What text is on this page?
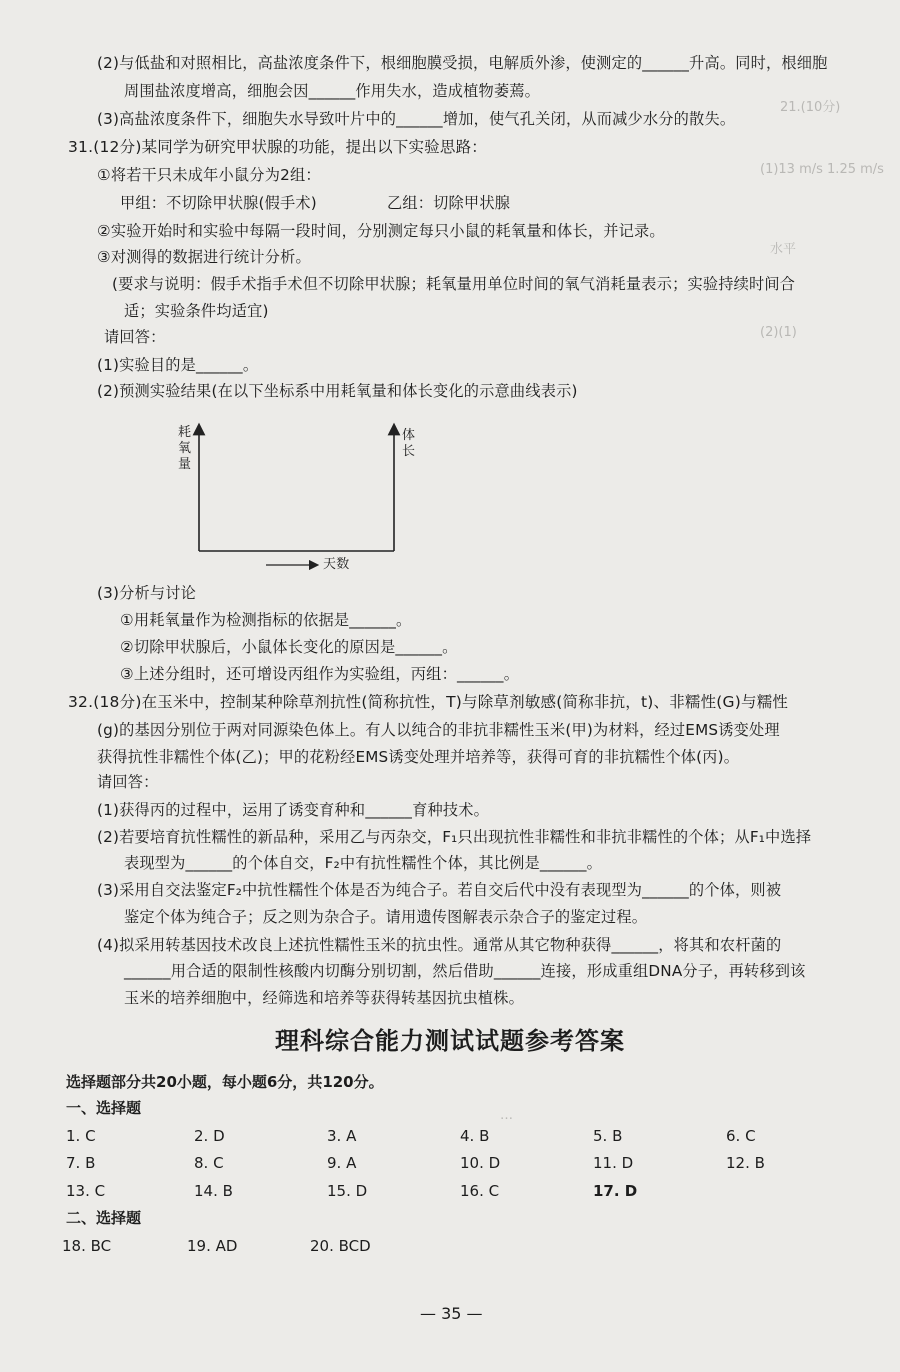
21.(10分)
(1)13 m/s 1.25 m/s
水平
(2)(1)
…
(2)与低盐和对照相比，高盐浓度条件下，根细胞膜受损，电解质外渗，使测定的______升高。同时，根细胞
周围盐浓度增高，细胞会因______作用失水，造成植物萎蔫。
(3)高盐浓度条件下，细胞失水导致叶片中的______增加，使气孔关闭，从而减少水分的散失。
31.(12分)某同学为研究甲状腺的功能，提出以下实验思路：
①将若干只未成年小鼠分为2组：
甲组：不切除甲状腺(假手术)	乙组：切除甲状腺
②实验开始时和实验中每隔一段时间，分别测定每只小鼠的耗氧量和体长，并记录。
③对测得的数据进行统计分析。
(要求与说明：假手术指手术但不切除甲状腺；耗氧量用单位时间的氧气消耗量表示；实验持续时间合
适；实验条件均适宜)
请回答：
(1)实验目的是______。
(2)预测实验结果(在以下坐标系中用耗氧量和体长变化的示意曲线表示)
耗氧量
体长
天数
(3)分析与讨论
①用耗氧量作为检测指标的依据是______。
②切除甲状腺后，小鼠体长变化的原因是______。
③上述分组时，还可增设丙组作为实验组，丙组：______。
32.(18分)在玉米中，控制某种除草剂抗性(简称抗性，T)与除草剂敏感(简称非抗，t)、非糯性(G)与糯性
(g)的基因分别位于两对同源染色体上。有人以纯合的非抗非糯性玉米(甲)为材料，经过EMS诱变处理
获得抗性非糯性个体(乙)；甲的花粉经EMS诱变处理并培养等，获得可育的非抗糯性个体(丙)。
请回答：
(1)获得丙的过程中，运用了诱变育种和______育种技术。
(2)若要培育抗性糯性的新品种，采用乙与丙杂交，F₁只出现抗性非糯性和非抗非糯性的个体；从F₁中选择
表现型为______的个体自交，F₂中有抗性糯性个体，其比例是______。
(3)采用自交法鉴定F₂中抗性糯性个体是否为纯合子。若自交后代中没有表现型为______的个体，则被
鉴定个体为纯合子；反之则为杂合子。请用遗传图解表示杂合子的鉴定过程。
(4)拟采用转基因技术改良上述抗性糯性玉米的抗虫性。通常从其它物种获得______，将其和农杆菌的
______用合适的限制性核酸内切酶分别切割，然后借助______连接，形成重组DNA分子，再转移到该
玉米的培养细胞中，经筛选和培养等获得转基因抗虫植株。
理科综合能力测试试题参考答案
选择题部分共20小题，每小题6分，共120分。
一、选择题
1. C	2. D	3. A	4. B	5. B	6. C
7. B	8. C	9. A	10. D	11. D	12. B
13. C	14. B	15. D	16. C	17. D
二、选择题
18. BC	19. AD	20. BCD
— 35 —
